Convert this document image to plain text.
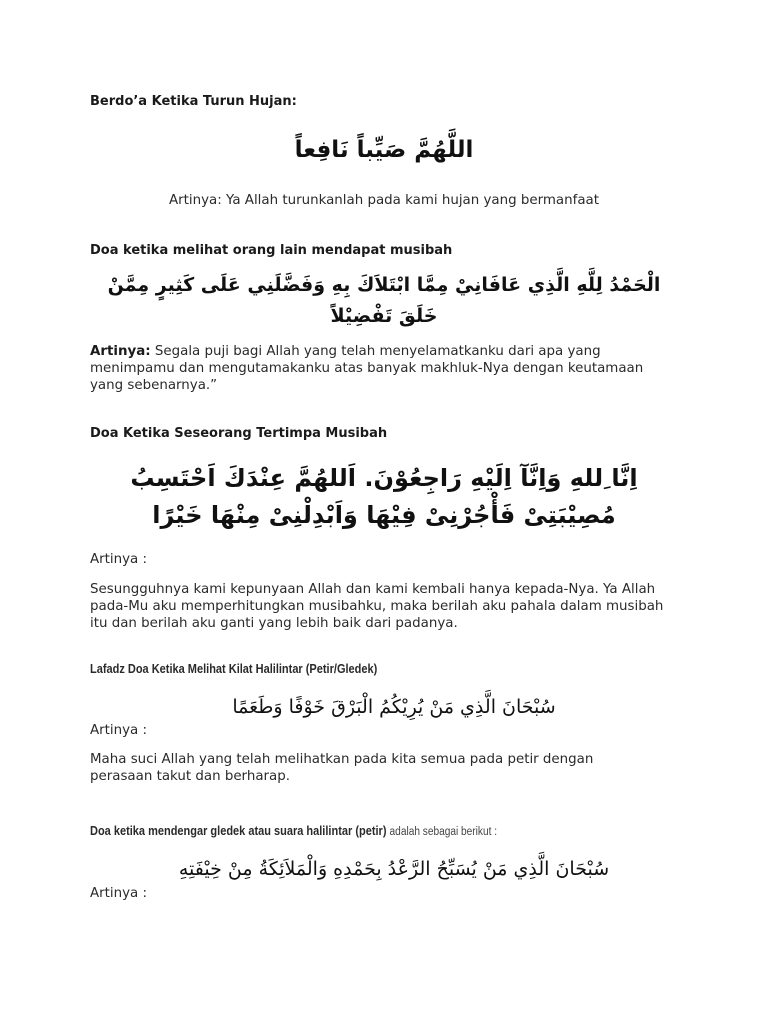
Berdo’a Ketika Turun Hujan:
اللَّهُمَّ صَيِّباً نَافِعاً
Artinya: Ya Allah turunkanlah pada kami hujan yang bermanfaat
Doa ketika melihat orang lain mendapat musibah
الْحَمْدُ لِلَّهِ الَّذِي عَافَانِيْ مِمَّا ابْتَلاَكَ بِهِ وَفَضَّلَنِي عَلَى كَثِيرٍ مِمَّنْ خَلَقَ تَفْضِيْلاً
Artinya: Segala puji bagi Allah yang telah menyelamatkanku dari apa yang menimpamu dan mengutamakanku atas banyak makhluk-Nya dengan keutamaan yang sebenarnya.”
Doa Ketika Seseorang Tertimpa Musibah
اِنَّا ِللهِ وَاِنَّآ اِلَيْهِ رَاجِعُوْنَ. اَللهُمَّ عِنْدَكَ اَحْتَسِبُ مُصِيْبَتِىْ فَأْجُرْنِىْ فِيْهَا وَاَبْدِلْنِىْ مِنْهَا خَيْرًا
Artinya :
Sesungguhnya kami kepunyaan Allah dan kami kembali hanya kepada-Nya. Ya Allah pada-Mu aku memperhitungkan musibahku, maka berilah aku pahala dalam musibah itu dan berilah aku ganti yang lebih baik dari padanya.
Lafadz Doa Ketika Melihat Kilat Halilintar (Petir/Gledek)
سُبْحَانَ الَّذِي مَنْ يُرِيْكُمُ الْبَرْقَ خَوْفًا وَطَعَمًا
Artinya :
Maha suci Allah yang telah melihatkan pada kita semua pada petir dengan perasaan takut dan berharap.
Doa ketika mendengar gledek atau suara halilintar (petir) adalah sebagai berikut :
سُبْحَانَ الَّذِي مَنْ يُسَبِّحُ الرَّعْدُ بِحَمْدِهِ وَالْمَلاَئِكَةُ مِنْ خِيْفَتِهِ
Artinya :
